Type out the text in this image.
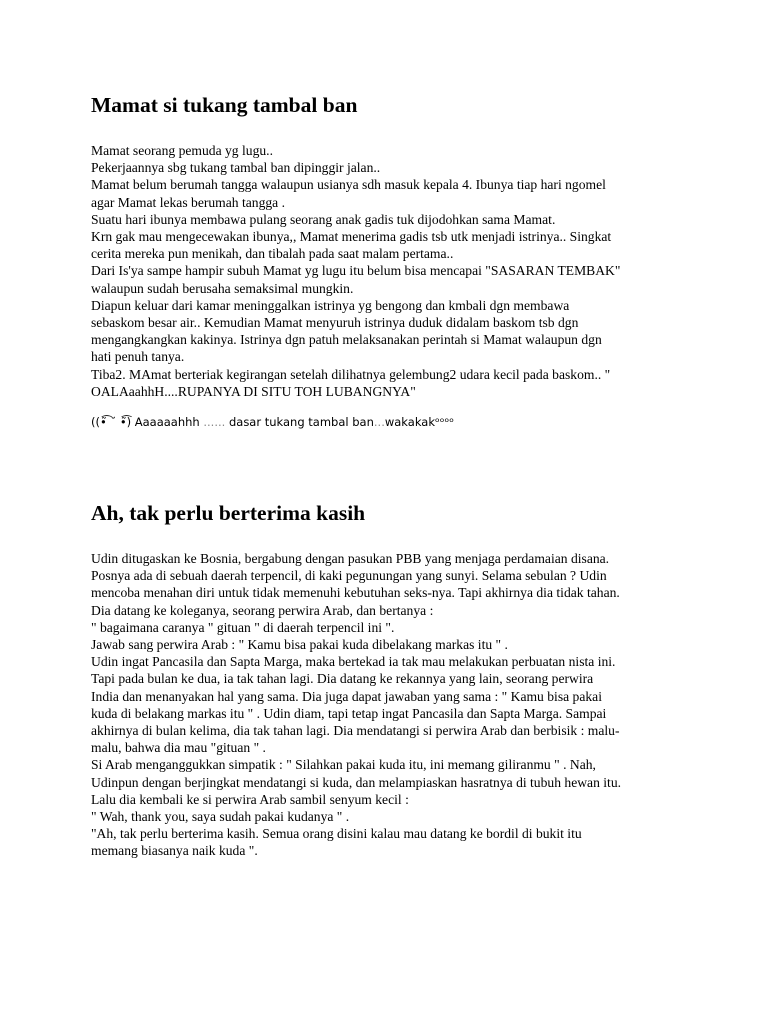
Mamat si tukang tambal ban
Mamat seorang pemuda yg lugu..
Pekerjaannya sbg tukang tambal ban dipinggir jalan..
Mamat belum berumah tangga walaupun usianya sdh masuk kepala 4. Ibunya tiap hari ngomel
agar Mamat lekas berumah tangga .
Suatu hari ibunya membawa pulang seorang anak gadis tuk dijodohkan sama Mamat.
Krn gak mau mengecewakan ibunya,, Mamat menerima gadis tsb utk menjadi istrinya.. Singkat
cerita mereka pun menikah, dan tibalah pada saat malam pertama..
Dari Is'ya sampe hampir subuh Mamat yg lugu itu belum bisa mencapai "SASARAN TEMBAK"
walaupun sudah berusaha semaksimal mungkin.
Diapun keluar dari kamar meninggalkan istrinya yg bengong dan kmbali dgn membawa
sebaskom besar air.. Kemudian Mamat menyuruh istrinya duduk didalam baskom tsb dgn
mengangkangkan kakinya. Istrinya dgn patuh melaksanakan perintah si Mamat walaupun dgn
hati penuh tanya.
Tiba2. MAmat berteriak kegirangan setelah dilihatnya gelembung2 udara kecil pada baskom.. "
OALAaahhH....RUPANYA DI SITU TOH LUBANGNYA"
((•̃͡ ˘ •̃͡) Aaaaaahhh ...... dasar tukang tambal ban...wakakakᵒᵒᵒᵒ
Ah, tak perlu berterima kasih
Udin ditugaskan ke Bosnia, bergabung dengan pasukan PBB yang menjaga perdamaian disana.
Posnya ada di sebuah daerah terpencil, di kaki pegunungan yang sunyi. Selama sebulan ? Udin
mencoba menahan diri untuk tidak memenuhi kebutuhan seks-nya. Tapi akhirnya dia tidak tahan.
Dia datang ke koleganya, seorang perwira Arab, dan bertanya :
" bagaimana caranya " gituan " di daerah terpencil ini ".
Jawab sang perwira Arab : " Kamu bisa pakai kuda dibelakang markas itu " .
Udin ingat Pancasila dan Sapta Marga, maka bertekad ia tak mau melakukan perbuatan nista ini.
Tapi pada bulan ke dua, ia tak tahan lagi. Dia datang ke rekannya yang lain, seorang perwira
India dan menanyakan hal yang sama. Dia juga dapat jawaban yang sama : " Kamu bisa pakai
kuda di belakang markas itu " . Udin diam, tapi tetap ingat Pancasila dan Sapta Marga. Sampai
akhirnya di bulan kelima, dia tak tahan lagi. Dia mendatangi si perwira Arab dan berbisik : malu-
malu, bahwa dia mau "gituan " .
Si Arab menganggukkan simpatik : " Silahkan pakai kuda itu, ini memang giliranmu " . Nah,
Udinpun dengan berjingkat mendatangi si kuda, dan melampiaskan hasratnya di tubuh hewan itu.
Lalu dia kembali ke si perwira Arab sambil senyum kecil :
" Wah, thank you, saya sudah pakai kudanya " .
"Ah, tak perlu berterima kasih. Semua orang disini kalau mau datang ke bordil di bukit itu
memang biasanya naik kuda ".
